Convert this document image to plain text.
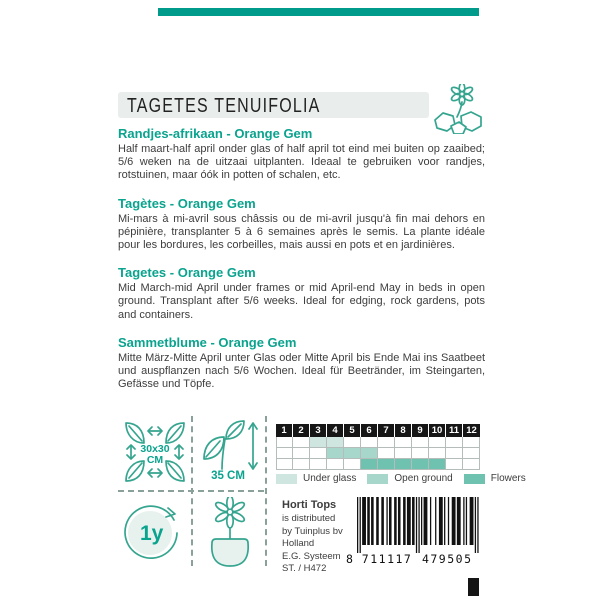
TAGETES TENUIFOLIA
Randjes-afrikaan - Orange Gem
Half maart-half april onder glas of half april tot eind mei buiten op zaaibed; 5/6 weken na de uitzaai uitplanten. Ideaal te gebruiken voor randjes, rotstuinen, maar óók in potten of schalen, etc.
Tagètes - Orange Gem
Mi-mars à mi-avril sous châssis ou de mi-avril jusqu'à fin mai dehors en pépinière, transplanter 5 à 6 semaines après le semis. La plante idéale pour les bordures, les corbeilles, mais aussi en pots et en jardinières.
Tagetes - Orange Gem
Mid March-mid April under frames or mid April-end May in beds in open ground. Transplant after 5/6 weeks. Ideal for edging, rock gardens, pots and containers.
Sammetblume - Orange Gem
Mitte März-Mitte April unter Glas oder Mitte April bis Ende Mai ins Saatbeet und auspflanzen nach 5/6 Wochen. Ideal für Beetränder, im Steingarten, Gefässe und Töpfe.
30x30
CM
35 CM
1y
1	2	3	4	5	6	7	8	9 10 11 12
Under glass	Open ground	Flowers
Horti Tops
is distributed
by Tuinplus bv
Holland
E.G. Systeem
ST. / H472
8 711117 479505
